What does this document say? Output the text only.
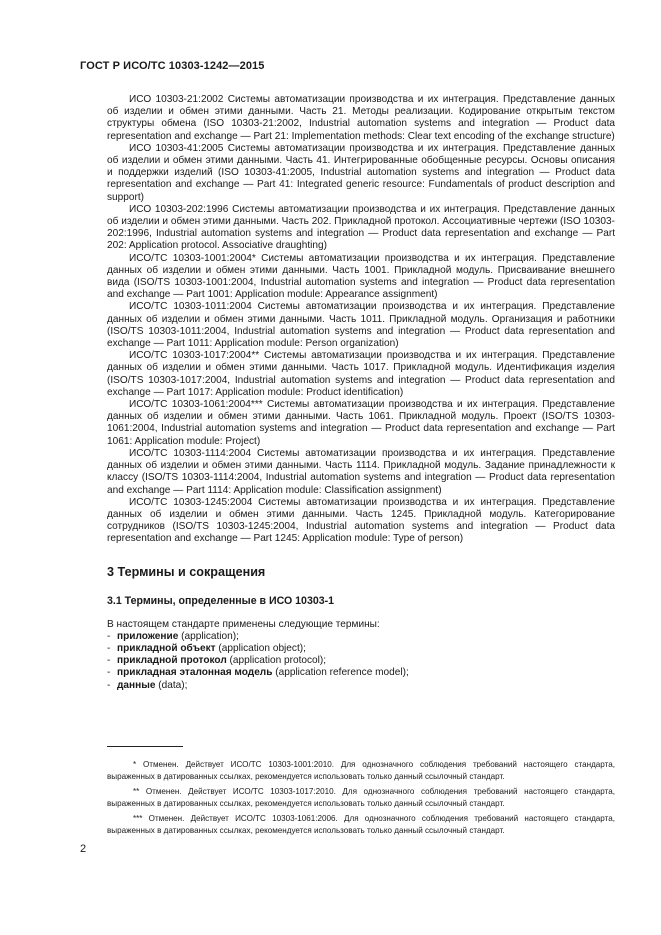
ГОСТ Р ИСО/ТС 10303-1242—2015

ИСО 10303-21:2002 Системы автоматизации производства и их интеграция. Представление данных об изделии и обмен этими данными. Часть 21. Методы реализации. Кодирование открытым текстом структуры обмена (ISO 10303-21:2002, Industrial automation systems and integration — Product data representation and exchange — Part 21: Implementation methods: Clear text encoding of the exchange structure)

ИСО 10303-41:2005 Системы автоматизации производства и их интеграция. Представление данных об изделии и обмен этими данными. Часть 41. Интегрированные обобщенные ресурсы. Основы описания и поддержки изделий (ISO 10303-41:2005, Industrial automation systems and integration — Product data representation and exchange — Part 41: Integrated generic resource: Fundamentals of product description and support)

ИСО 10303-202:1996 Системы автоматизации производства и их интеграция. Представление данных об изделии и обмен этими данными. Часть 202. Прикладной протокол. Ассоциативные чертежи (ISO 10303-202:1996, Industrial automation systems and integration — Product data representation and exchange — Part 202: Application protocol. Associative draughting)

ИСО/ТС 10303-1001:2004* Системы автоматизации производства и их интеграция. Представление данных об изделии и обмен этими данными. Часть 1001. Прикладной модуль. Присваивание внешнего вида (ISO/TS 10303-1001:2004, Industrial automation systems and integration — Product data representation and exchange — Part 1001: Application module: Appearance assignment)

ИСО/ТС 10303-1011:2004 Системы автоматизации производства и их интеграция. Представление данных об изделии и обмен этими данными. Часть 1011. Прикладной модуль. Организация и работники (ISO/TS 10303-1011:2004, Industrial automation systems and integration — Product data representation and exchange — Part 1011: Application module: Person organization)

ИСО/ТС 10303-1017:2004** Системы автоматизации производства и их интеграция. Представление данных об изделии и обмен этими данными. Часть 1017. Прикладной модуль. Идентификация изделия (ISO/TS 10303-1017:2004, Industrial automation systems and integration — Product data representation and exchange — Part 1017: Application module: Product identification)

ИСО/ТС 10303-1061:2004*** Системы автоматизации производства и их интеграция. Представление данных об изделии и обмен этими данными. Часть 1061. Прикладной модуль. Проект (ISO/TS 10303-1061:2004, Industrial automation systems and integration — Product data representation and exchange — Part 1061: Application module: Project)

ИСО/ТС 10303-1114:2004 Системы автоматизации производства и их интеграция. Представление данных об изделии и обмен этими данными. Часть 1114. Прикладной модуль. Задание принадлежности к классу (ISO/TS 10303-1114:2004, Industrial automation systems and integration — Product data representation and exchange — Part 1114: Application module: Classification assignment)

ИСО/ТС 10303-1245:2004 Системы автоматизации производства и их интеграция. Представление данных об изделии и обмен этими данными. Часть 1245. Прикладной модуль. Категорирование сотрудников (ISO/TS 10303-1245:2004, Industrial automation systems and integration — Product data representation and exchange — Part 1245: Application module: Type of person)

3 Термины и сокращения
3.1 Термины, определенные в ИСО 10303-1

В настоящем стандарте применены следующие термины:

- приложение (application);
- прикладной объект (application object);
- прикладной протокол (application protocol);
- прикладная эталонная модель (application reference model);
- данные (data);

* Отменен. Действует ИСО/ТС 10303-1001:2010. Для однозначного соблюдения требований настоящего стандарта, выраженных в датированных ссылках, рекомендуется использовать только данный ссылочный стандарт.

** Отменен. Действует ИСО/ТС 10303-1017:2010. Для однозначного соблюдения требований настоящего стандарта, выраженных в датированных ссылках, рекомендуется использовать только данный ссылочный стандарт.

*** Отменен. Действует ИСО/ТС 10303-1061:2006. Для однозначного соблюдения требований настоящего стандарта, выраженных в датированных ссылках, рекомендуется использовать только данный ссылочный стандарт.

2
